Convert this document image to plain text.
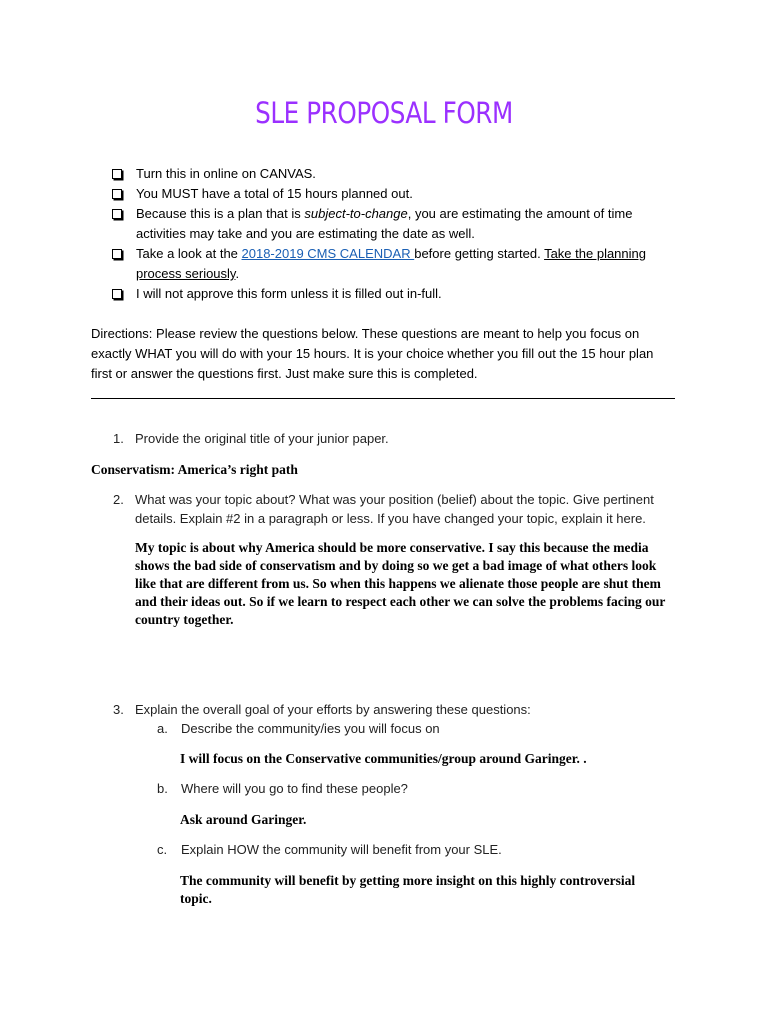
SLE PROPOSAL FORM
Turn this in online on CANVAS.
You MUST have a total of 15 hours planned out.
Because this is a plan that is subject-to-change, you are estimating the amount of time activities may take and you are estimating the date as well.
Take a look at the 2018-2019 CMS CALENDAR before getting started. Take the planning process seriously.
I will not approve this form unless it is filled out in-full.
Directions: Please review the questions below. These questions are meant to help you focus on exactly WHAT you will do with your 15 hours. It is your choice whether you fill out the 15 hour plan first or answer the questions first. Just make sure this is completed.
1. Provide the original title of your junior paper.
Conservatism: America’s right path
2. What was your topic about? What was your position (belief) about the topic. Give pertinent details. Explain #2 in a paragraph or less. If you have changed your topic, explain it here.
My topic is about why America should be more conservative. I say this because the media shows the bad side of conservatism and by doing so we get a bad image of what others look like that are different from us. So when this happens we alienate those people are shut them and their ideas out. So if we learn to respect each other we can solve the problems facing our country together.
3. Explain the overall goal of your efforts by answering these questions:
a. Describe the community/ies you will focus on
I will focus on the Conservative communities/group around Garinger. .
b. Where will you go to find these people?
Ask around Garinger.
c. Explain HOW the community will benefit from your SLE.
The community will benefit by getting more insight on this highly controversial topic.
